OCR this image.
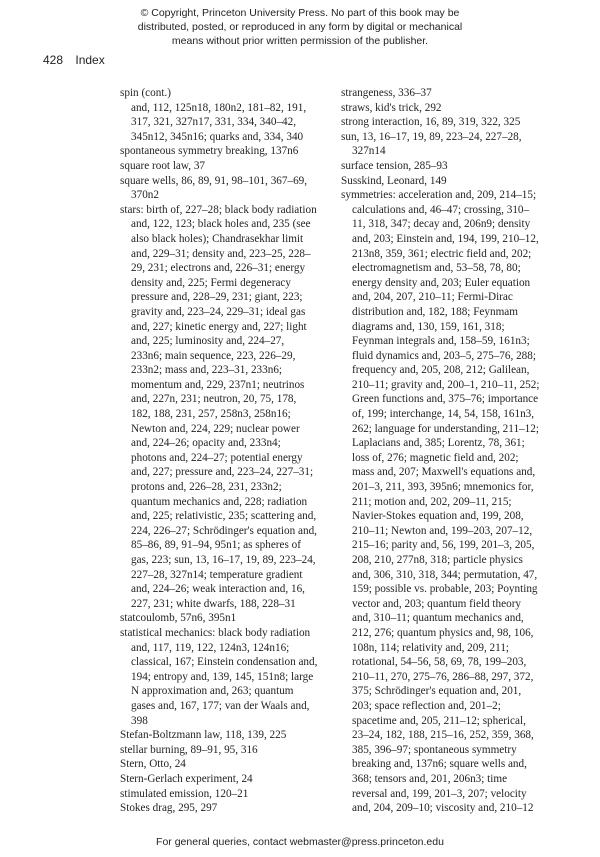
© Copyright, Princeton University Press. No part of this book may be
distributed, posted, or reproduced in any form by digital or mechanical
means without prior written permission of the publisher.
428 Index

spin (cont.)

and, 112, 125n18, 180n2, 181–82, 191, 317, 321, 327n17, 331, 334, 340–42, 345n12, 345n16; quarks and, 334, 340

spontaneous symmetry breaking, 137n6

square root law, 37

square wells, 86, 89, 91, 98–101, 367–69, 370n2

stars: birth of, 227–28; black body radiation and, 122, 123; black holes and, 235 (see also black holes); Chandrasekhar limit and, 229–31; density and, 223–25, 228–29, 231; electrons and, 226–31; energy density and, 225; Fermi degeneracy pressure and, 228–29, 231; giant, 223; gravity and, 223–24, 229–31; ideal gas and, 227; kinetic energy and, 227; light and, 225; luminosity and, 224–27, 233n6; main sequence, 223, 226–29, 233n2; mass and, 223–31, 233n6; momentum and, 229, 237n1; neutrinos and, 227n, 231; neutron, 20, 75, 178, 182, 188, 231, 257, 258n3, 258n16; Newton and, 224, 229; nuclear power and, 224–26; opacity and, 233n4; photons and, 224–27; potential energy and, 227; pressure and, 223–24, 227–31; protons and, 226–28, 231, 233n2; quantum mechanics and, 228; radiation and, 225; relativistic, 235; scattering and, 224, 226–27; Schrödinger's equation and, 85–86, 89, 91–94, 95n1; as spheres of gas, 223; sun, 13, 16–17, 19, 89, 223–24, 227–28, 327n14; temperature gradient and, 224–26; weak interaction and, 16, 227, 231; white dwarfs, 188, 228–31

statcoulomb, 57n6, 395n1

statistical mechanics: black body radiation and, 117, 119, 122, 124n3, 124n16; classical, 167; Einstein condensation and, 194; entropy and, 139, 145, 151n8; large N approximation and, 263; quantum gases and, 167, 177; van der Waals and, 398

Stefan-Boltzmann law, 118, 139, 225

stellar burning, 89–91, 95, 316

Stern, Otto, 24

Stern-Gerlach experiment, 24

stimulated emission, 120–21

Stokes drag, 295, 297

strangeness, 336–37

straws, kid's trick, 292

strong interaction, 16, 89, 319, 322, 325

sun, 13, 16–17, 19, 89, 223–24, 227–28, 327n14

surface tension, 285–93

Susskind, Leonard, 149

symmetries: acceleration and, 209, 214–15; calculations and, 46–47; crossing, 310–11, 318, 347; decay and, 206n9; density and, 203; Einstein and, 194, 199, 210–12, 213n8, 359, 361; electric field and, 202; electromagnetism and, 53–58, 78, 80; energy density and, 203; Euler equation and, 204, 207, 210–11; Fermi-Dirac distribution and, 182, 188; Feynmam diagrams and, 130, 159, 161, 318; Feynman integrals and, 158–59, 161n3; fluid dynamics and, 203–5, 275–76, 288; frequency and, 205, 208, 212; Galilean, 210–11; gravity and, 200–1, 210–11, 252; Green functions and, 375–76; importance of, 199; interchange, 14, 54, 158, 161n3, 262; language for understanding, 211–12; Laplacians and, 385; Lorentz, 78, 361; loss of, 276; magnetic field and, 202; mass and, 207; Maxwell's equations and, 201–3, 211, 393, 395n6; mnemonics for, 211; motion and, 202, 209–11, 215; Navier-Stokes equation and, 199, 208, 210–11; Newton and, 199–203, 207–12, 215–16; parity and, 56, 199, 201–3, 205, 208, 210, 277n8, 318; particle physics and, 306, 310, 318, 344; permutation, 47, 159; possible vs. probable, 203; Poynting vector and, 203; quantum field theory and, 310–11; quantum mechanics and, 212, 276; quantum physics and, 98, 106, 108n, 114; relativity and, 209, 211; rotational, 54–56, 58, 69, 78, 199–203, 210–11, 270, 275–76, 286–88, 297, 372, 375; Schrödinger's equation and, 201, 203; space reflection and, 201–2; spacetime and, 205, 211–12; spherical, 23–24, 182, 188, 215–16, 252, 359, 368, 385, 396–97; spontaneous symmetry breaking and, 137n6; square wells and, 368; tensors and, 201, 206n3; time reversal and, 199, 201–3, 207; velocity and, 204, 209–10; viscosity and, 210–12

For general queries, contact webmaster@press.princeton.edu
